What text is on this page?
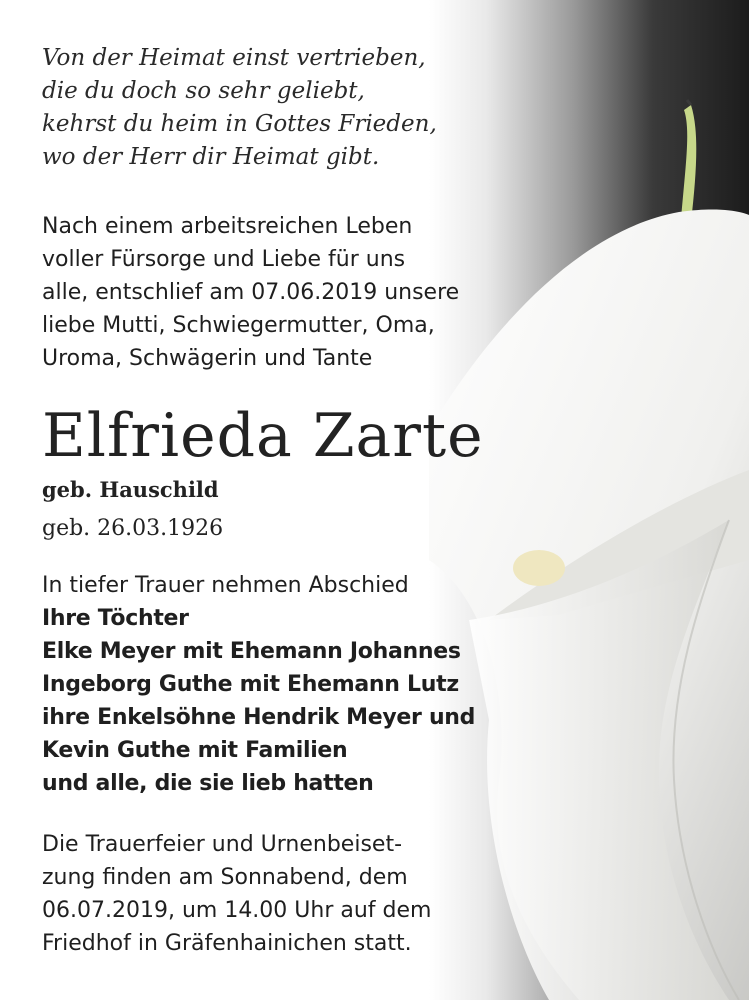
Von der Heimat einst vertrieben,

die du doch so sehr geliebt,

kehrst du heim in Gottes Frieden,

wo der Herr dir Heimat gibt.

Nach einem arbeitsreichen Leben

voller Fürsorge und Liebe für uns

alle, entschlief am 07.06.2019 unsere

liebe Mutti, Schwiegermutter, Oma,

Uroma, Schwägerin und Tante

Elfrieda Zarte

geb. Hauschild

geb. 26.03.1926

In tiefer Trauer nehmen Abschied

Ihre Töchter

Elke Meyer mit Ehemann Johannes

Ingeborg Guthe mit Ehemann Lutz

ihre Enkelsöhne Hendrik Meyer und

Kevin Guthe mit Familien

und alle, die sie lieb hatten

Die Trauerfeier und Urnenbeiset-

zung finden am Sonnabend, dem

06.07.2019, um 14.00 Uhr auf dem

Friedhof in Gräfenhainichen statt.
